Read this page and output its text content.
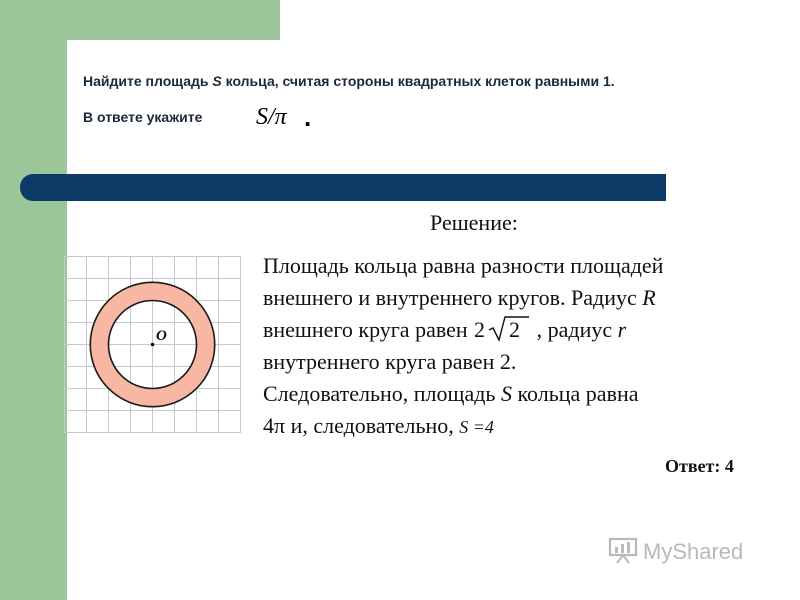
Найдите площадь S кольца, считая стороны квадратных клеток равными 1.
В ответе укажите S/π .
O
Решение:
Площадь кольца равна разности площадей
внешнего и внутреннего кругов. Радиус R
внешнего круга равен 2 2 , радиус r
внутреннего круга равен 2.
Следовательно, площадь S кольца равна
4π и, следовательно, S =4
Ответ: 4
MyShared
